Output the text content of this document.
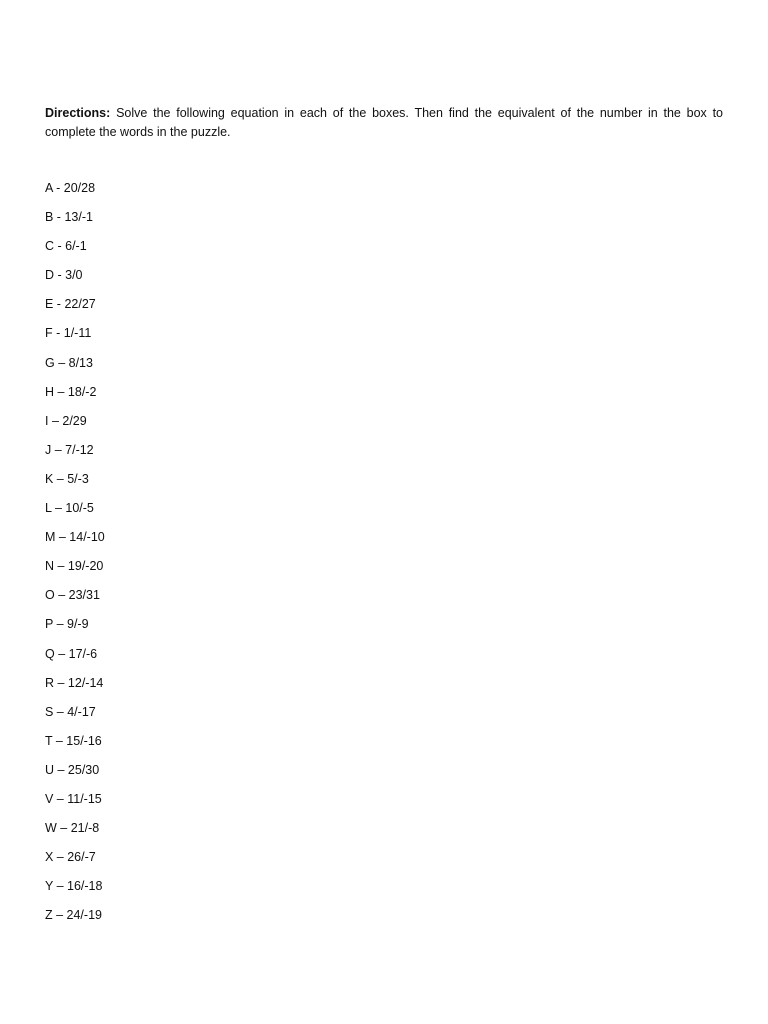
Directions: Solve the following equation in each of the boxes. Then find the equivalent of the number in the box to complete the words in the puzzle.

A - 20/28
B - 13/-1
C - 6/-1
D - 3/0
E - 22/27
F - 1/-11
G – 8/13
H – 18/-2
I – 2/29
J – 7/-12
K – 5/-3
L – 10/-5
M – 14/-10
N – 19/-20
O – 23/31
P – 9/-9
Q – 17/-6
R – 12/-14
S – 4/-17
T – 15/-16
U – 25/30
V – 11/-15
W – 21/-8
X – 26/-7
Y – 16/-18
Z – 24/-19
